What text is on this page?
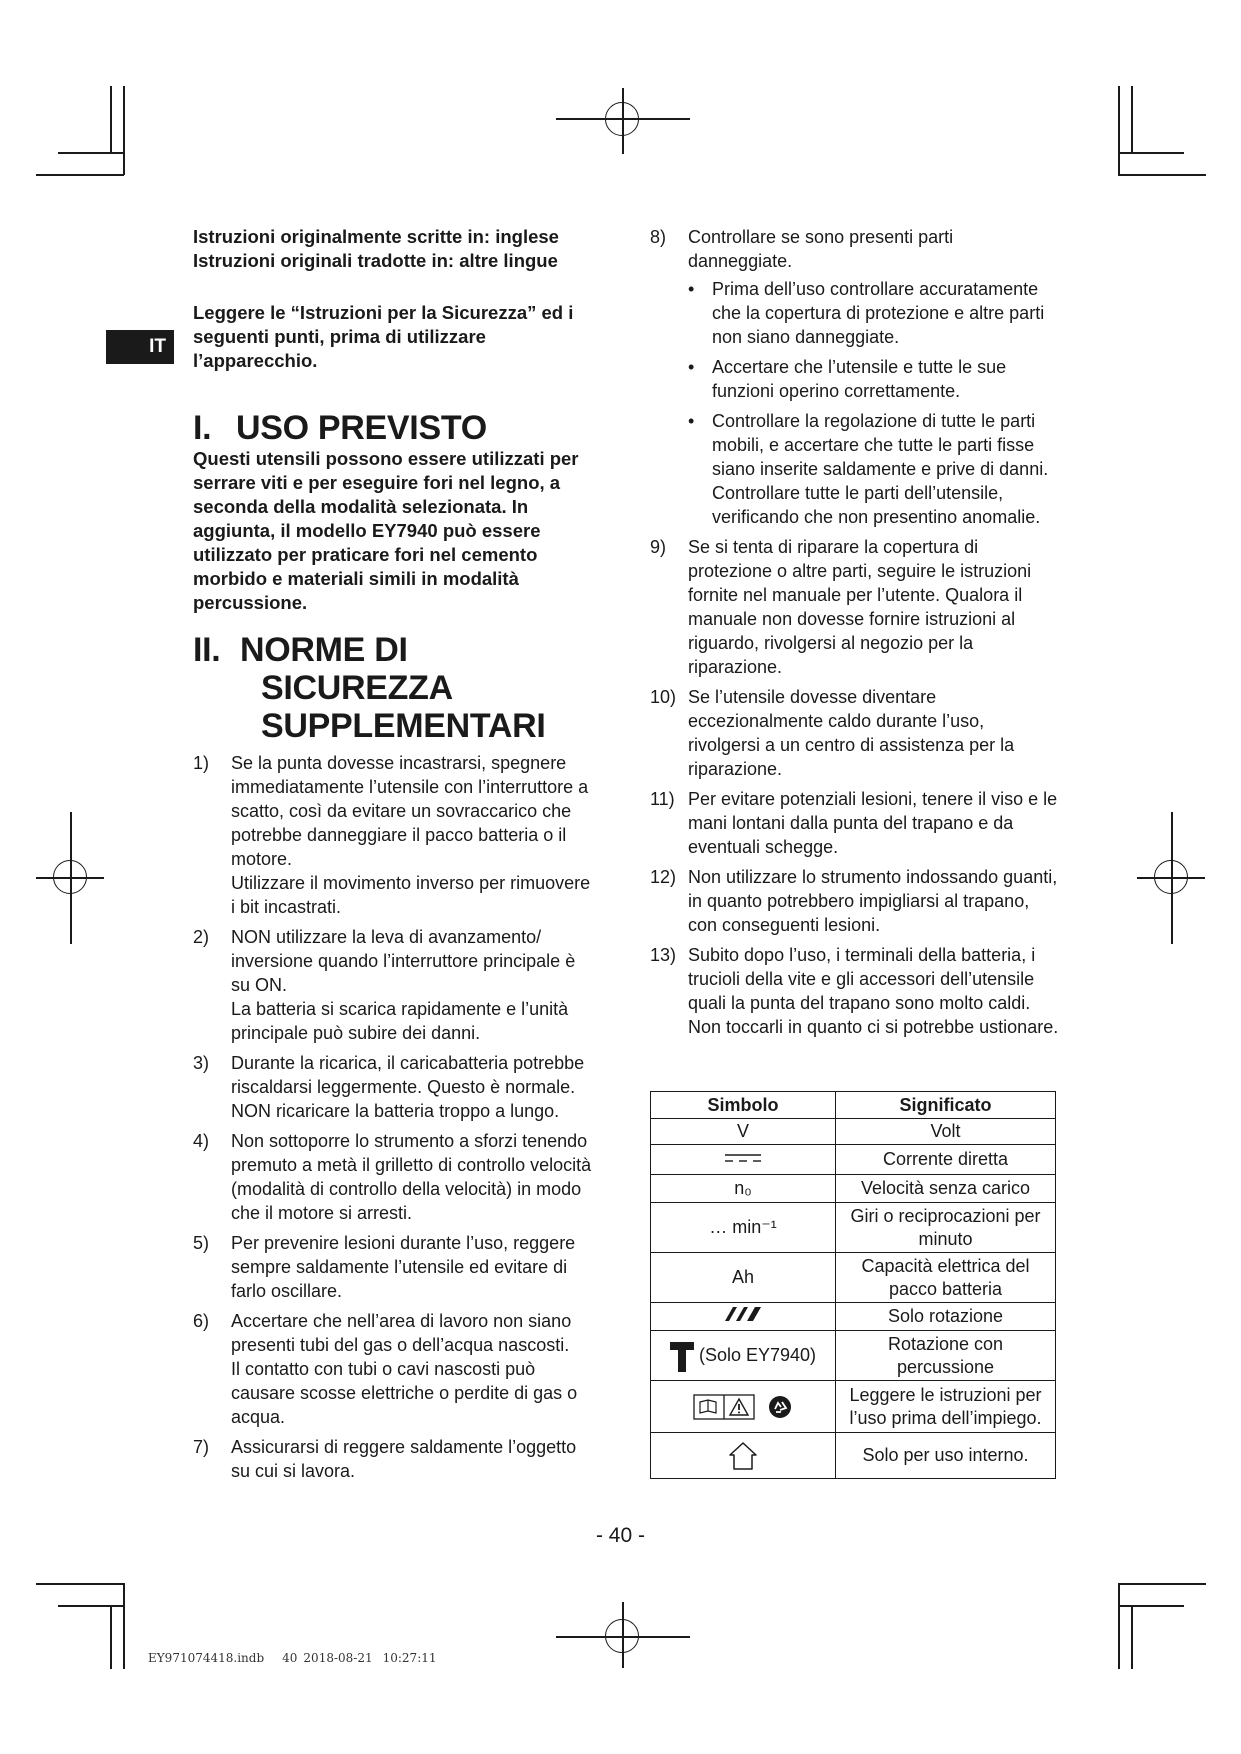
IT

Istruzioni originalmente scritte in: inglese

Istruzioni originali tradotte in: altre lingue

Leggere le “Istruzioni per la Sicurezza” ed i seguenti punti, prima di utilizzare l’apparecchio.

I. USO PREVISTO

Questi utensili possono essere utilizzati per serrare viti e per eseguire fori nel legno, a seconda della modalità selezionata. In aggiunta, il modello EY7940 può essere utilizzato per praticare fori nel cemento morbido e materiali simili in modalità percussione.

II. NORME DI
SICUREZZA
SUPPLEMENTARI
1) Se la punta dovesse incastrarsi, spegnere immediatamente l’utensile con l’interruttore a scatto, così da evitare un sovraccarico che potrebbe danneggiare il pacco batteria o il motore.
Utilizzare il movimento inverso per rimuovere i bit incastrati.
2) NON utilizzare la leva di avanzamento/ inversione quando l’interruttore principale è su ON.
La batteria si scarica rapidamente e l’unità principale può subire dei danni.
3) Durante la ricarica, il caricabatteria potrebbe riscaldarsi leggermente. Questo è normale.
NON ricaricare la batteria troppo a lungo.
4) Non sottoporre lo strumento a sforzi tenendo premuto a metà il grilletto di controllo velocità (modalità di controllo della velocità) in modo che il motore si arresti.
5) Per prevenire lesioni durante l’uso, reggere sempre saldamente l’utensile ed evitare di farlo oscillare.
6) Accertare che nell’area di lavoro non siano presenti tubi del gas o dell’acqua nascosti.
Il contatto con tubi o cavi nascosti può causare scosse elettriche o perdite di gas o acqua.
7) Assicurarsi di reggere saldamente l’oggetto su cui si lavora.
8) Controllare se sono presenti parti danneggiate.
• Prima dell’uso controllare accuratamente che la copertura di protezione e altre parti non siano danneggiate.
• Accertare che l’utensile e tutte le sue funzioni operino correttamente.
• Controllare la regolazione di tutte le parti mobili, e accertare che tutte le parti fisse siano inserite saldamente e prive di danni. Controllare tutte le parti dell’utensile, verificando che non presentino anomalie.
9) Se si tenta di riparare la copertura di protezione o altre parti, seguire le istruzioni fornite nel manuale per l’utente. Qualora il manuale non dovesse fornire istruzioni al riguardo, rivolgersi al negozio per la riparazione.
10) Se l’utensile dovesse diventare eccezionalmente caldo durante l’uso, rivolgersi a un centro di assistenza per la riparazione.
11) Per evitare potenziali lesioni, tenere il viso e le mani lontani dalla punta del trapano e da eventuali schegge.
12) Non utilizzare lo strumento indossando guanti, in quanto potrebbero impigliarsi al trapano, con conseguenti lesioni.
13) Subito dopo l’uso, i terminali della batteria, i trucioli della vite e gli accessori dell’utensile quali la punta del trapano sono molto caldi. Non toccarli in quanto ci si potrebbe ustionare.
Simbolo	Significato
V	Volt
	Corrente diretta
n₀	Velocità senza carico
… min⁻¹	Giri o reciprocazioni per minuto
Ah	Capacità elettrica del pacco batteria
	Solo rotazione
(Solo EY7940)	Rotazione con percussione
	Leggere le istruzioni per l’uso prima dell’impiego.
	Solo per uso interno.
- 40 -
EY971074418.indb 40 2018-08-21 10:27:11
